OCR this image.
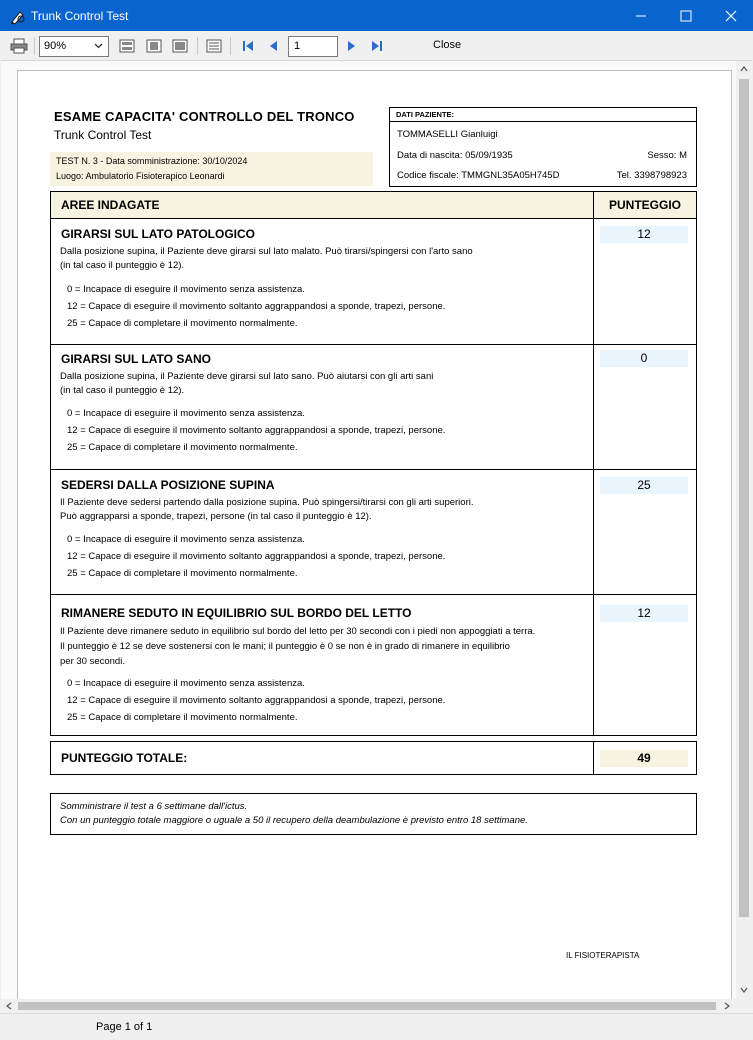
Trunk Control Test
90%	1	Close
ESAME CAPACITA' CONTROLLO DEL TRONCO
Trunk Control Test
TEST N. 3 - Data somministrazione: 30/10/2024
Luogo: Ambulatorio Fisioterapico Leonardi
DATI PAZIENTE:
TOMMASELLI Gianluigi
Data di nascita: 05/09/1935	Sesso: M
Codice fiscale: TMMGNL35A05H745D	Tel. 3398798923
AREE INDAGATE	PUNTEGGIO
GIRARSI SUL LATO PATOLOGICO
Dalla posizione supina, il Paziente deve girarsi sul lato malato. Può tirarsi/spingersi con l'arto sano
(in tal caso il punteggio è 12).
0 = Incapace di eseguire il movimento senza assistenza.
12 = Capace di eseguire il movimento soltanto aggrappandosi a sponde, trapezi, persone.
25 = Capace di completare il movimento normalmente.
12
GIRARSI SUL LATO SANO
Dalla posizione supina, il Paziente deve girarsi sul lato sano. Può aiutarsi con gli arti sani
(in tal caso il punteggio è 12).
0 = Incapace di eseguire il movimento senza assistenza.
12 = Capace di eseguire il movimento soltanto aggrappandosi a sponde, trapezi, persone.
25 = Capace di completare il movimento normalmente.
0
SEDERSI DALLA POSIZIONE SUPINA
Il Paziente deve sedersi partendo dalla posizione supina. Può spingersi/tirarsi con gli arti superiori.
Può aggrapparsi a sponde, trapezi, persone (in tal caso il punteggio è 12).
0 = Incapace di eseguire il movimento senza assistenza.
12 = Capace di eseguire il movimento soltanto aggrappandosi a sponde, trapezi, persone.
25 = Capace di completare il movimento normalmente.
25
RIMANERE SEDUTO IN EQUILIBRIO SUL BORDO DEL LETTO
Il Paziente deve rimanere seduto in equilibrio sul bordo del letto per 30 secondi con i piedi non appoggiati a terra.
Il punteggio è 12 se deve sostenersi con le mani; il punteggio è 0 se non è in grado di rimanere in equilibrio
per 30 secondi.
0 = Incapace di eseguire il movimento senza assistenza.
12 = Capace di eseguire il movimento soltanto aggrappandosi a sponde, trapezi, persone.
25 = Capace di completare il movimento normalmente.
12
PUNTEGGIO TOTALE:	49
Somministrare il test a 6 settimane dall'ictus.
Con un punteggio totale maggiore o uguale a 50 il recupero della deambulazione è previsto entro 18 settimane.
IL FISIOTERAPISTA
Page 1 of 1
